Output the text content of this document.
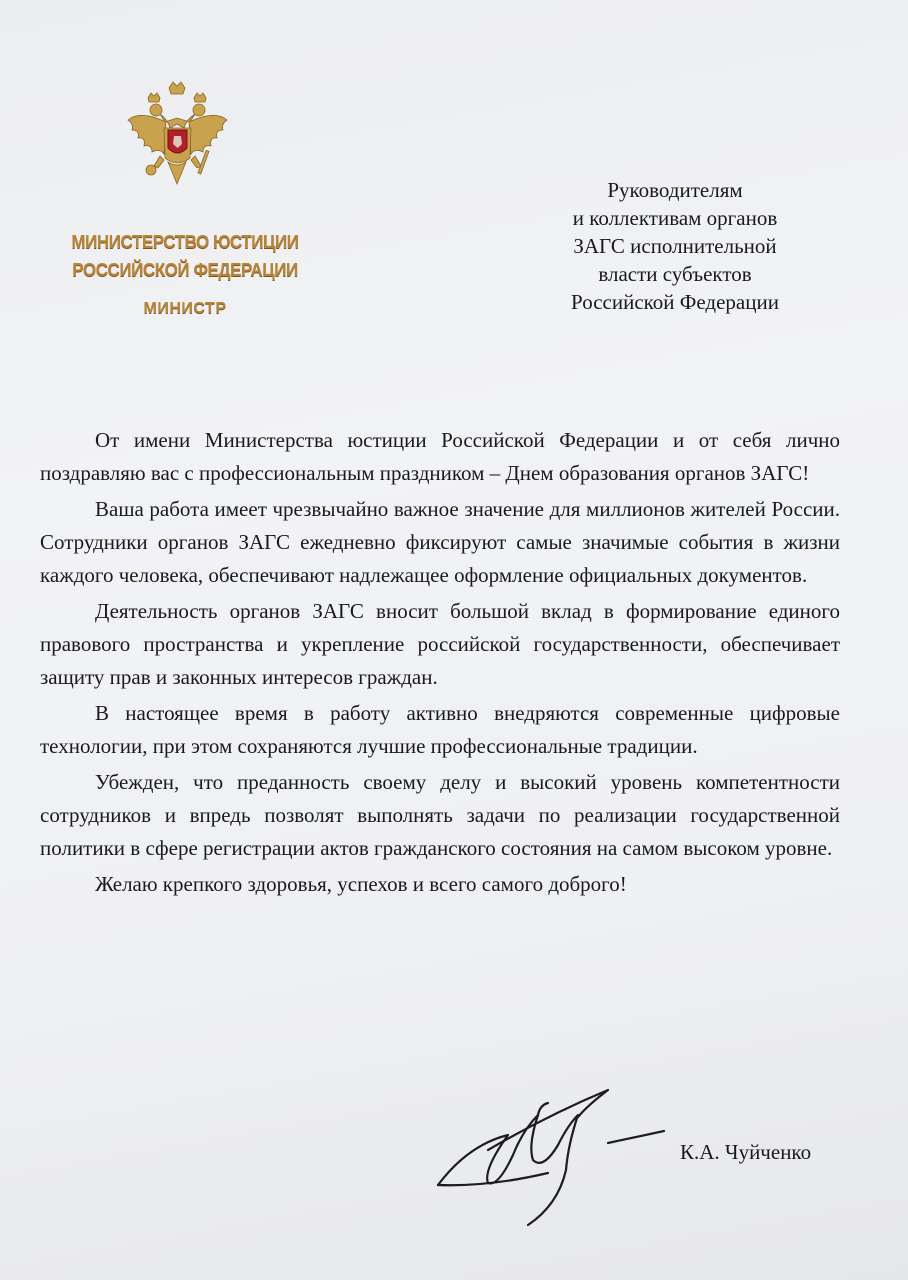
МИНИСТЕРСТВО ЮСТИЦИИ
РОССИЙСКОЙ ФЕДЕРАЦИИ
МИНИСТР
Руководителям
и коллективам органов
ЗАГС исполнительной
власти субъектов
Российской Федерации

От имени Министерства юстиции Российской Федерации и от себя лично поздравляю вас с профессиональным праздником – Днем образования органов ЗАГС!

Ваша работа имеет чрезвычайно важное значение для миллионов жителей России. Сотрудники органов ЗАГС ежедневно фиксируют самые значимые события в жизни каждого человека, обеспечивают надлежащее оформление официальных документов.

Деятельность органов ЗАГС вносит большой вклад в формирование единого правового пространства и укрепление российской государственности, обеспечивает защиту прав и законных интересов граждан.

В настоящее время в работу активно внедряются современные цифровые технологии, при этом сохраняются лучшие профессиональные традиции.

Убежден, что преданность своему делу и высокий уровень компетентности сотрудников и впредь позволят выполнять задачи по реализации государственной политики в сфере регистрации актов гражданского состояния на самом высоком уровне.

Желаю крепкого здоровья, успехов и всего самого доброго!

К.А. Чуйченко
